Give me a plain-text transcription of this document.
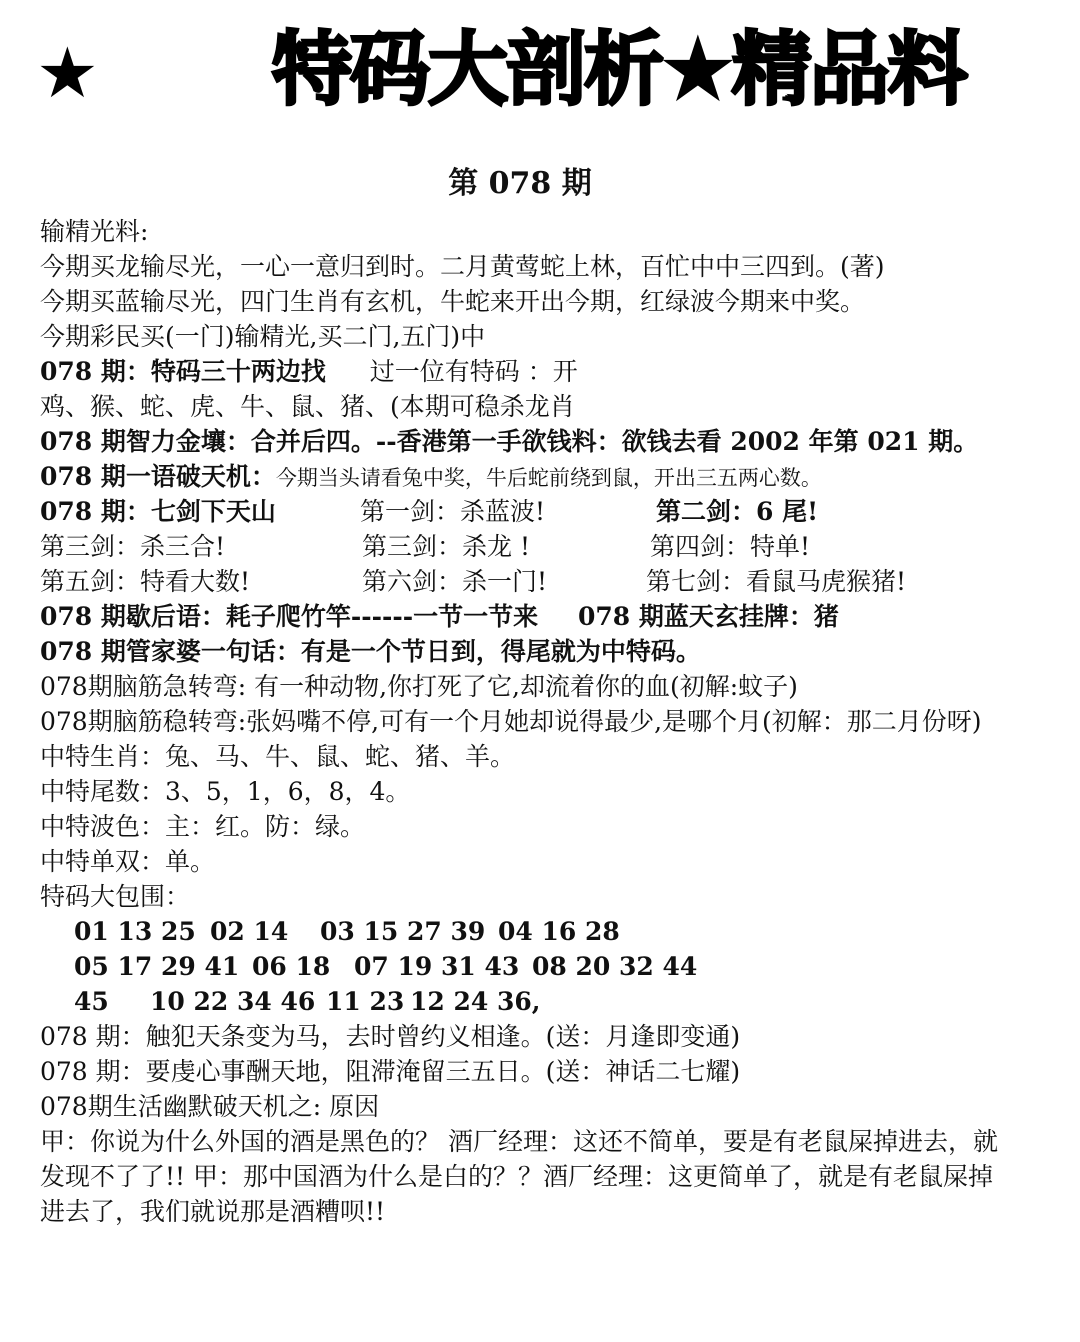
★ 特码大剖析★精品料
第 078 期
输精光料:
今期买龙输尽光，一心一意归到时。二月黄莺蛇上林，百忙中中三四到。(著)
今期买蓝输尽光，四门生肖有玄机，牛蛇来开出今期，红绿波今期来中奖。
今期彩民买(一门)输精光,买二门,五门)中
078 期：特码三十两边找 过一位有特码 ：开
鸡、猴、蛇、虎、牛、鼠、猪、(本期可稳杀龙肖
078 期智力金壤：合并后四。--香港第一手欲钱料：欲钱去看 2002 年第 021 期。
078 期一语破天机：今期当头请看兔中奖，牛后蛇前绕到鼠，开出三五两心数。
078 期：七剑下天山	第一剑：杀蓝波!	第二剑：6 尾!
第三剑：杀三合!	第三剑：杀龙 !	第四剑：特单!
第五剑：特看大数!	第六剑：杀一门!	第七剑：看鼠马虎猴猪!
078 期歇后语：耗子爬竹竿------一节一节来 078 期蓝天玄挂牌：猪
078 期管家婆一句话：有是一个节日到，得尾就为中特码。
078期脑筋急转弯: 有一种动物,你打死了它,却流着你的血(初解:蚊子)
078期脑筋稳转弯:张妈嘴不停,可有一个月她却说得最少,是哪个月(初解：那二月份呀)
中特生肖：兔、马、牛、鼠、蛇、猪、羊。
中特尾数：3、5，1，6，8，4。
中特波色：主：红。防：绿。
中特单双：单。
特码大包围：
01 13 25 02 14 03 15 27 39 04 16 28
05 17 29 41 06 18 07 19 31 43 08 20 32 44
45 10 22 34 46 11 23 12 24 36,
078 期：触犯天条变为马，去时曾约义相逢。(送：月逢即变通)
078 期：要虔心事酬天地，阻滞淹留三五日。(送：神话二七耀)
078期生活幽默破天机之: 原因
甲：你说为什么外国的酒是黑色的？ 酒厂经理：这还不简单，要是有老鼠屎掉进去，就发现不了了!! 甲：那中国酒为什么是白的？？酒厂经理：这更简单了，就是有老鼠屎掉进去了，我们就说那是酒糟呗!!
